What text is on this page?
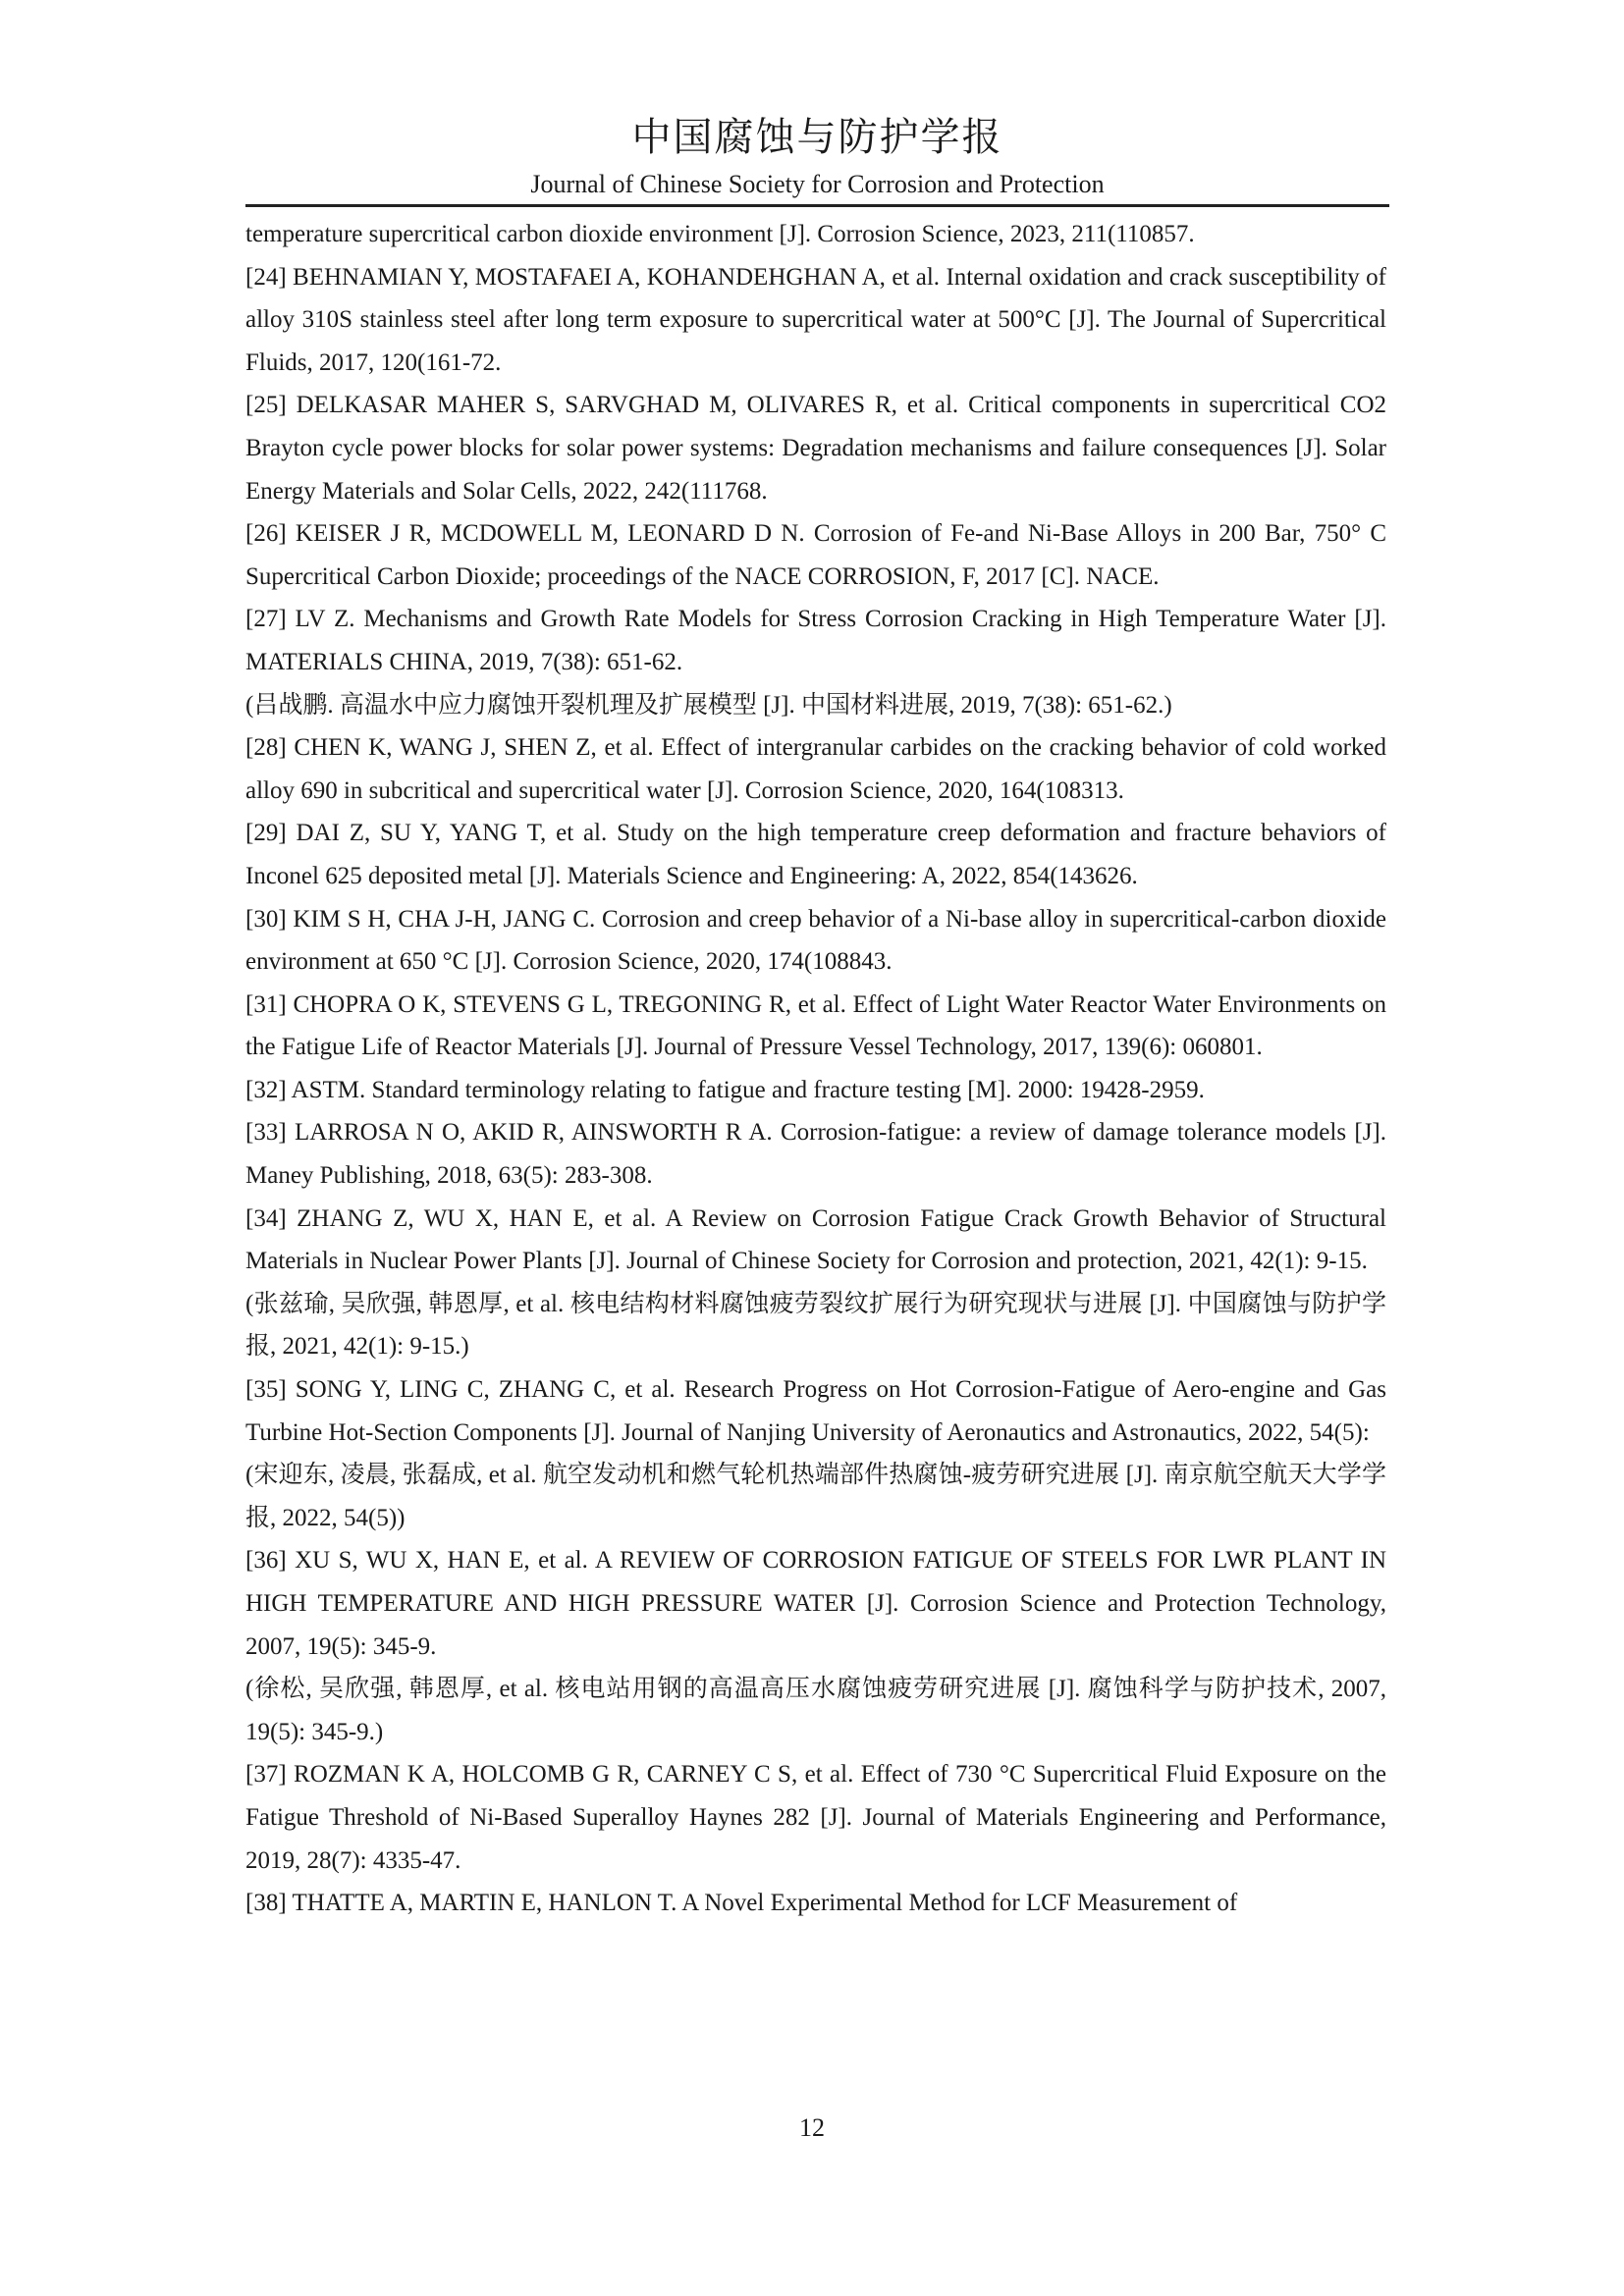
中国腐蚀与防护学报
Journal of Chinese Society for Corrosion and Protection

temperature supercritical carbon dioxide environment [J]. Corrosion Science, 2023, 211(110857.

[24] BEHNAMIAN Y, MOSTAFAEI A, KOHANDEHGHAN A, et al. Internal oxidation and crack susceptibility of alloy 310S stainless steel after long term exposure to supercritical water at 500°C [J]. The Journal of Supercritical Fluids, 2017, 120(161-72.

[25] DELKASAR MAHER S, SARVGHAD M, OLIVARES R, et al. Critical components in supercritical CO2 Brayton cycle power blocks for solar power systems: Degradation mechanisms and failure consequences [J]. Solar Energy Materials and Solar Cells, 2022, 242(111768.

[26] KEISER J R, MCDOWELL M, LEONARD D N. Corrosion of Fe-and Ni-Base Alloys in 200 Bar, 750° C Supercritical Carbon Dioxide; proceedings of the NACE CORROSION, F, 2017 [C]. NACE.

[27] LV Z. Mechanisms and Growth Rate Models for Stress Corrosion Cracking in High Temperature Water [J]. MATERIALS CHINA, 2019, 7(38): 651-62.

(吕战鹏. 高温水中应力腐蚀开裂机理及扩展模型 [J]. 中国材料进展, 2019, 7(38): 651-62.)

[28] CHEN K, WANG J, SHEN Z, et al. Effect of intergranular carbides on the cracking behavior of cold worked alloy 690 in subcritical and supercritical water [J]. Corrosion Science, 2020, 164(108313.

[29] DAI Z, SU Y, YANG T, et al. Study on the high temperature creep deformation and fracture behaviors of Inconel 625 deposited metal [J]. Materials Science and Engineering: A, 2022, 854(143626.

[30] KIM S H, CHA J-H, JANG C. Corrosion and creep behavior of a Ni-base alloy in supercritical-carbon dioxide environment at 650 °C [J]. Corrosion Science, 2020, 174(108843.

[31] CHOPRA O K, STEVENS G L, TREGONING R, et al. Effect of Light Water Reactor Water Environments on the Fatigue Life of Reactor Materials [J]. Journal of Pressure Vessel Technology, 2017, 139(6): 060801.

[32] ASTM. Standard terminology relating to fatigue and fracture testing [M]. 2000: 19428-2959.

[33] LARROSA N O, AKID R, AINSWORTH R A. Corrosion-fatigue: a review of damage tolerance models [J]. Maney Publishing, 2018, 63(5): 283-308.

[34] ZHANG Z, WU X, HAN E, et al. A Review on Corrosion Fatigue Crack Growth Behavior of Structural Materials in Nuclear Power Plants [J]. Journal of Chinese Society for Corrosion and protection, 2021, 42(1): 9-15.

(张兹瑜, 吴欣强, 韩恩厚, et al. 核电结构材料腐蚀疲劳裂纹扩展行为研究现状与进展 [J]. 中国腐蚀与防护学报, 2021, 42(1): 9-15.)

[35] SONG Y, LING C, ZHANG C, et al. Research Progress on Hot Corrosion-Fatigue of Aero-engine and Gas Turbine Hot-Section Components [J]. Journal of Nanjing University of Aeronautics and Astronautics, 2022, 54(5):

(宋迎东, 凌晨, 张磊成, et al. 航空发动机和燃气轮机热端部件热腐蚀-疲劳研究进展 [J]. 南京航空航天大学学报, 2022, 54(5))

[36] XU S, WU X, HAN E, et al. A REVIEW OF CORROSION FATIGUE OF STEELS FOR LWR PLANT IN HIGH TEMPERATURE AND HIGH PRESSURE WATER [J]. Corrosion Science and Protection Technology, 2007, 19(5): 345-9.

(徐松, 吴欣强, 韩恩厚, et al. 核电站用钢的高温高压水腐蚀疲劳研究进展 [J]. 腐蚀科学与防护技术, 2007, 19(5): 345-9.)

[37] ROZMAN K A, HOLCOMB G R, CARNEY C S, et al. Effect of 730 °C Supercritical Fluid Exposure on the Fatigue Threshold of Ni-Based Superalloy Haynes 282 [J]. Journal of Materials Engineering and Performance, 2019, 28(7): 4335-47.

[38] THATTE A, MARTIN E, HANLON T. A Novel Experimental Method for LCF Measurement of

12
